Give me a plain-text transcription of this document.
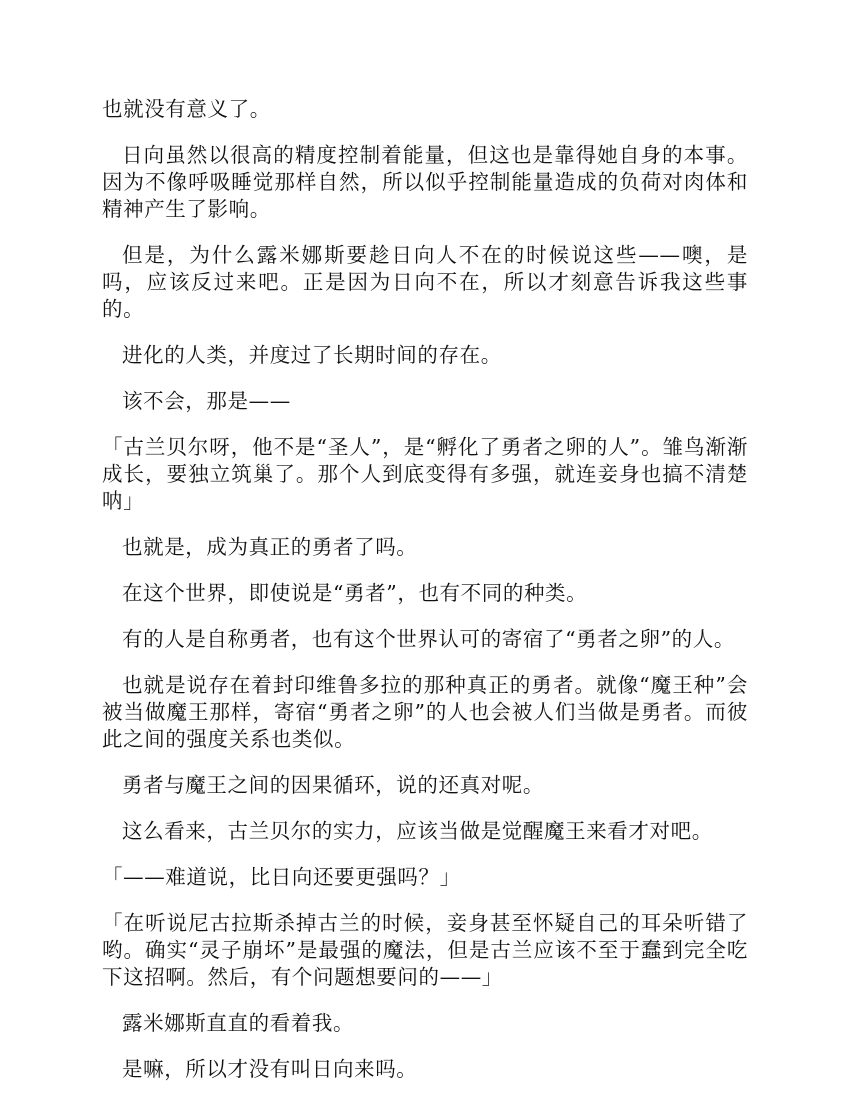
也就没有意义了。

日向虽然以很高的精度控制着能量，但这也是靠得她自身的本事。因为不像呼吸睡觉那样自然，所以似乎控制能量造成的负荷对肉体和精神产生了影响。

但是，为什么露米娜斯要趁日向人不在的时候说这些——噢，是吗，应该反过来吧。正是因为日向不在，所以才刻意告诉我这些事的。

进化的人类，并度过了长期时间的存在。

该不会，那是——

「古兰贝尔呀，他不是“圣人”，是“孵化了勇者之卵的人”。雏鸟渐渐成长，要独立筑巢了。那个人到底变得有多强，就连妾身也搞不清楚呐」

也就是，成为真正的勇者了吗。

在这个世界，即使说是“勇者”，也有不同的种类。

有的人是自称勇者，也有这个世界认可的寄宿了“勇者之卵”的人。

也就是说存在着封印维鲁多拉的那种真正的勇者。就像“魔王种”会被当做魔王那样，寄宿“勇者之卵”的人也会被人们当做是勇者。而彼此之间的强度关系也类似。

勇者与魔王之间的因果循环，说的还真对呢。

这么看来，古兰贝尔的实力，应该当做是觉醒魔王来看才对吧。

「——难道说，比日向还要更强吗？」

「在听说尼古拉斯杀掉古兰的时候，妾身甚至怀疑自己的耳朵听错了哟。确实“灵子崩坏”是最强的魔法，但是古兰应该不至于蠢到完全吃下这招啊。然后，有个问题想要问的——」

露米娜斯直直的看着我。

是嘛，所以才没有叫日向来吗。
